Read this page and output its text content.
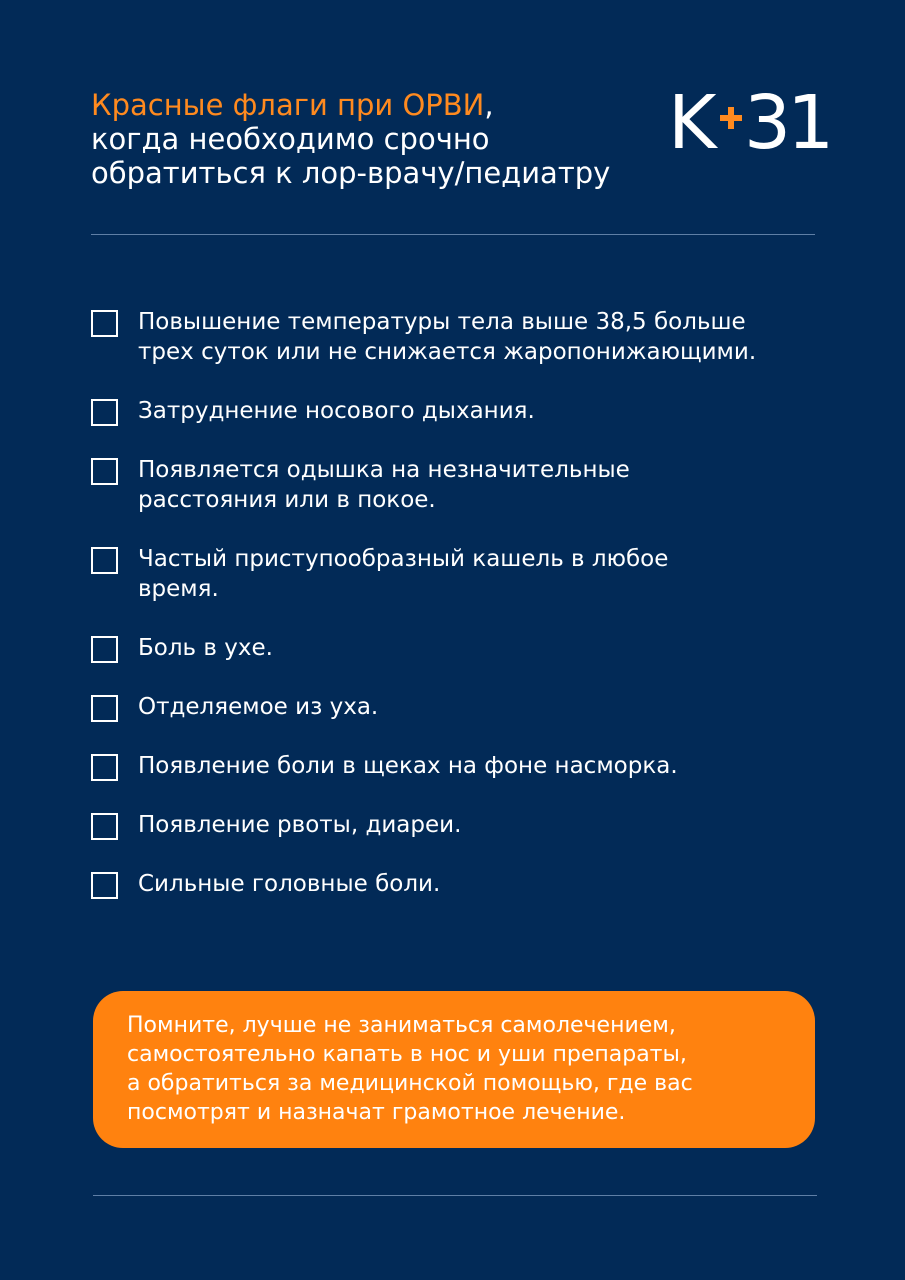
Красные флаги при ОРВИ,
когда необходимо срочно
обратиться к лор-врачу/педиатру
K 31
Повышение температуры тела выше 38,5 больше
трех суток или не снижается жаропонижающими.
Затруднение носового дыхания.
Появляется одышка на незначительные
расстояния или в покое.
Частый приступообразный кашель в любое
время.
Боль в ухе.
Отделяемое из уха.
Появление боли в щеках на фоне насморка.
Появление рвоты, диареи.
Сильные головные боли.

Помните, лучше не заниматься самолечением,
самостоятельно капать в нос и уши препараты,
а обратиться за медицинской помощью, где вас
посмотрят и назначат грамотное лечение.
